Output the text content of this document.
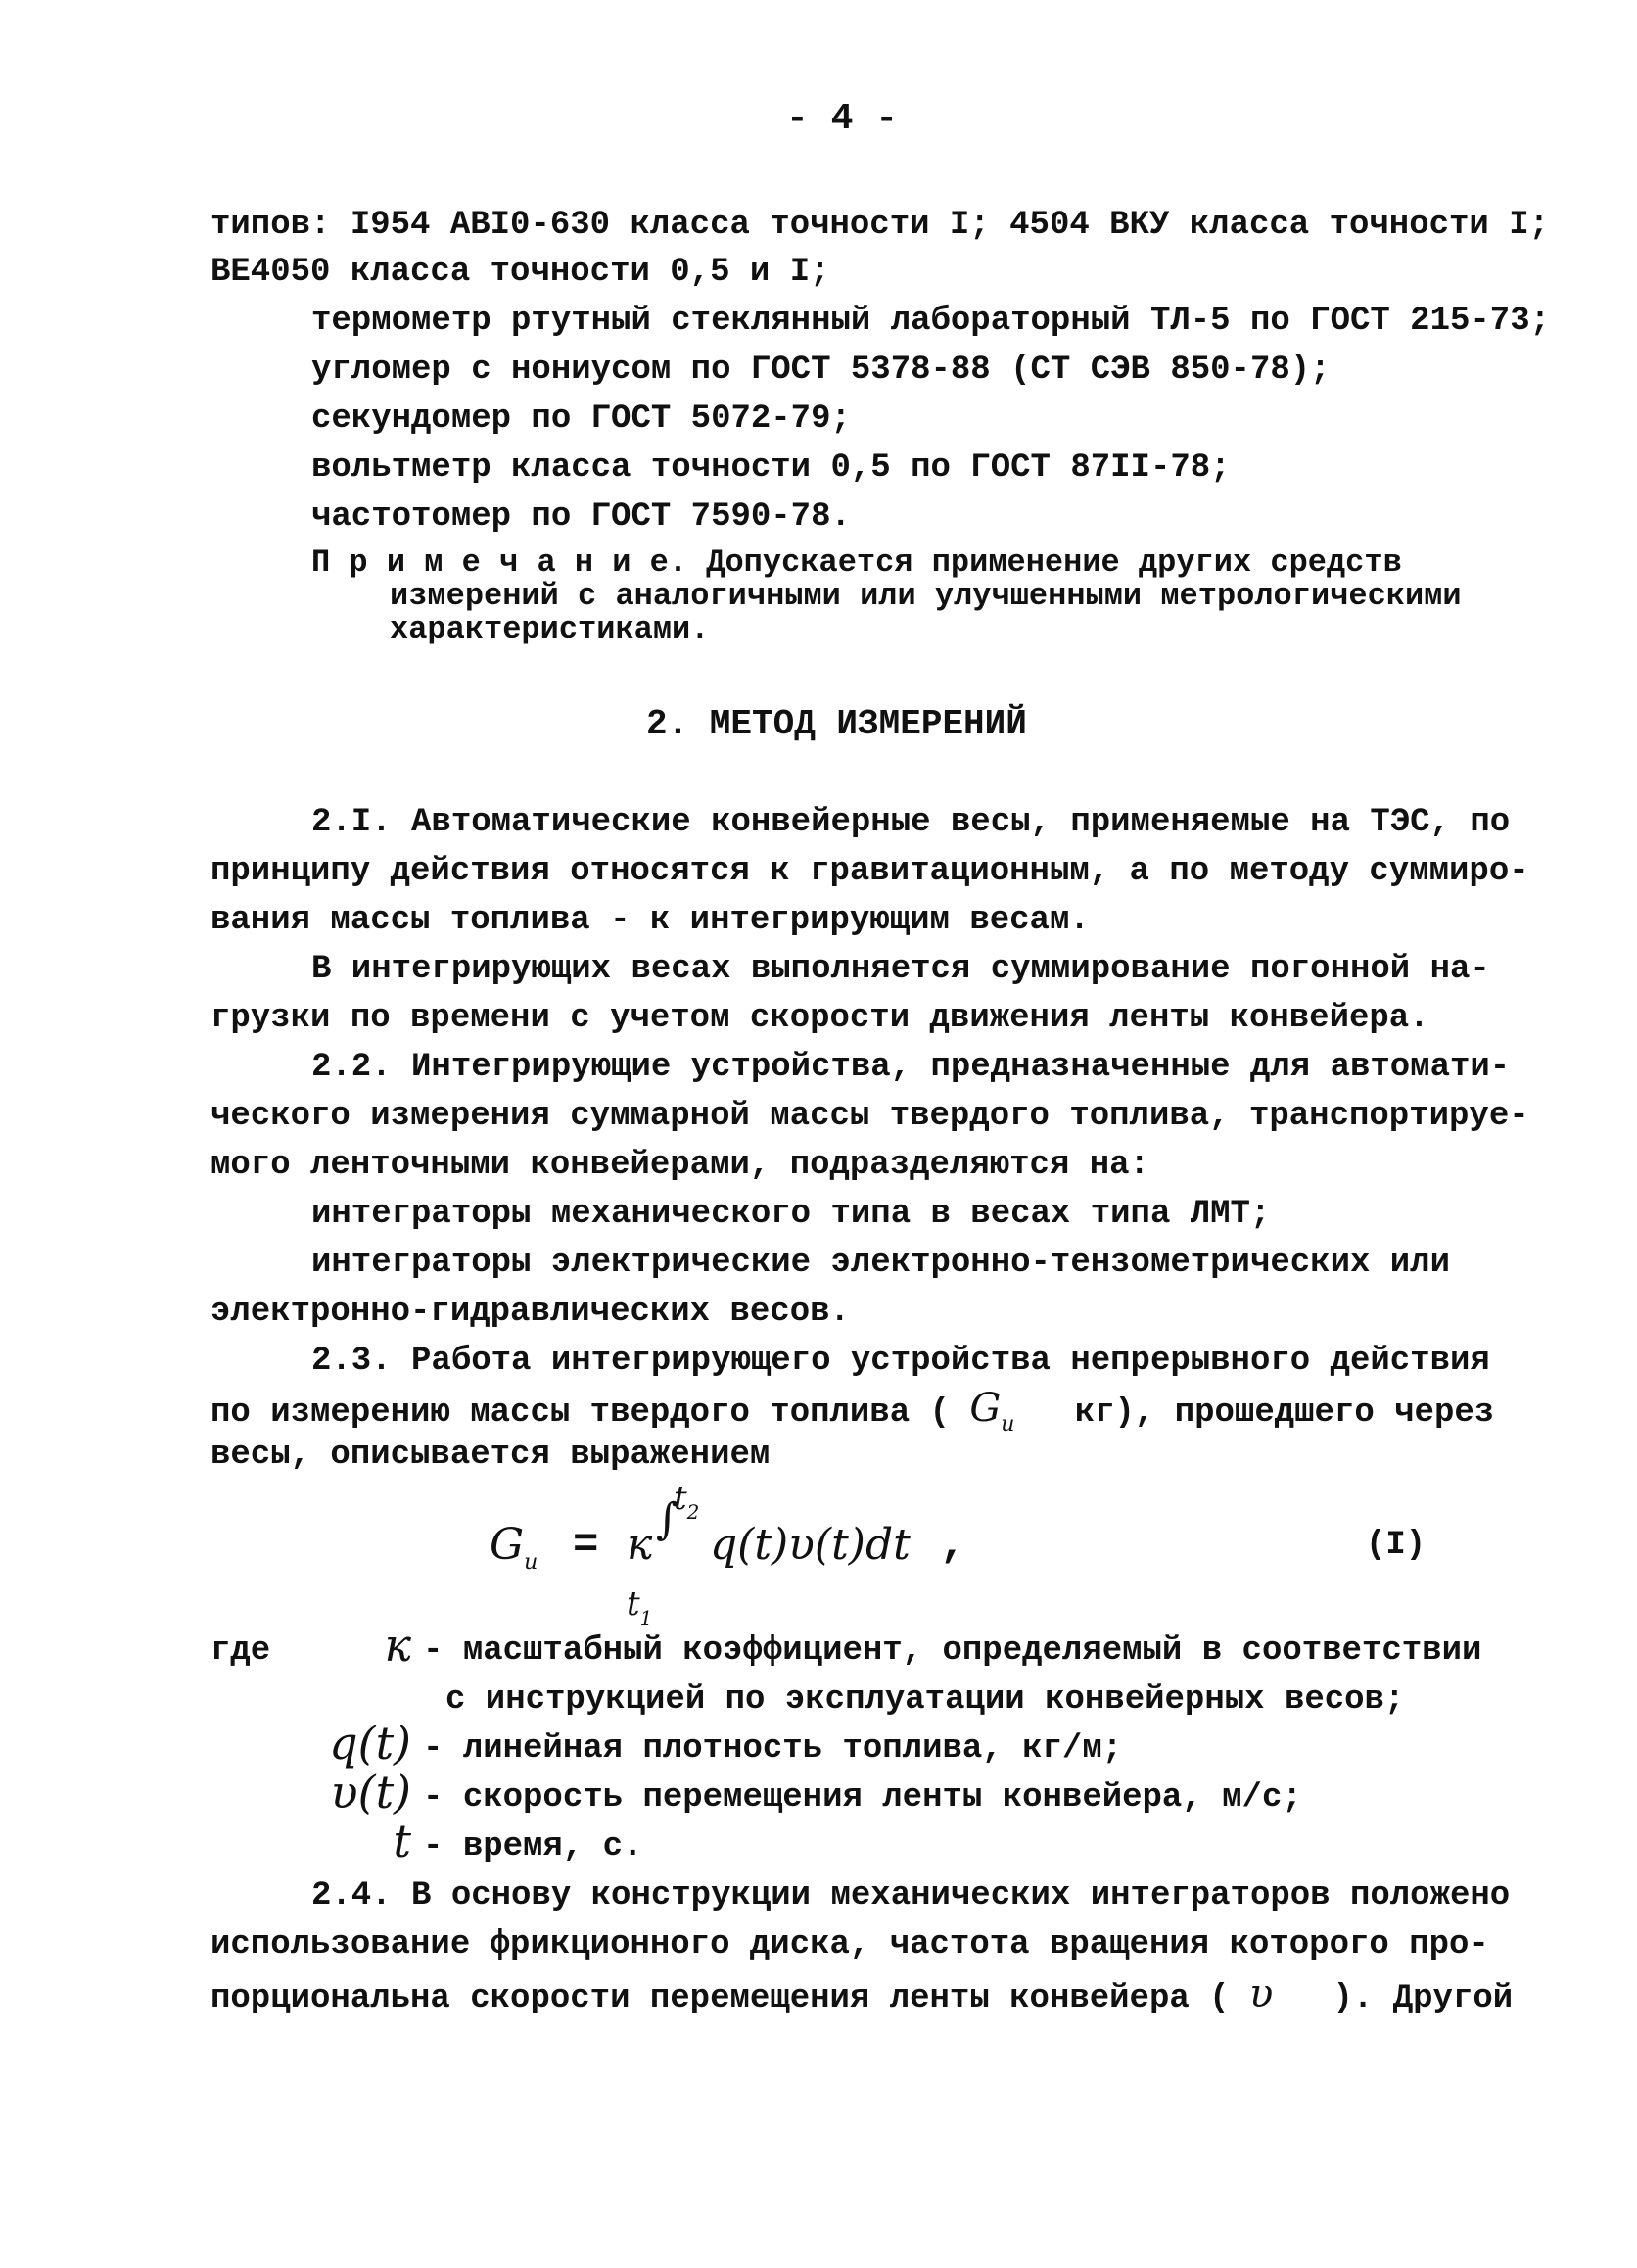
- 4 -
типов: I954 АВI0-630 класса точности I; 4504 ВКУ класса точности I;
ВЕ4050 класса точности 0,5 и I;
термометр ртутный стеклянный лабораторный ТЛ-5 по ГОСТ 215-73;
угломер с нониусом по ГОСТ 5378-88 (СТ СЭВ 850-78);
секундомер по ГОСТ 5072-79;
вольтметр класса точности 0,5 по ГОСТ 87II-78;
частотомер по ГОСТ 7590-78.
П р и м е ч а н и е. Допускается применение других средств
измерений с аналогичными или улучшенными метрологическими
характеристиками.
2. МЕТОД ИЗМЕРЕНИЙ
2.I. Автоматические конвейерные весы, применяемые на ТЭС, по
принципу действия относятся к гравитационным, а по методу суммиро-
вания массы топлива - к интегрирующим весам.
В интегрирующих весах выполняется суммирование погонной на-
грузки по времени с учетом скорости движения ленты конвейера.
2.2. Интегрирующие устройства, предназначенные для автомати-
ческого измерения суммарной массы твердого топлива, транспортируе-
мого ленточными конвейерами, подразделяются на:
интеграторы механического типа в весах типа ЛМТ;
интеграторы электрические электронно-тензометрических или
электронно-гидравлических весов.
2.3. Работа интегрирующего устройства непрерывного действия
по измерению массы твердого топлива ( $G_и$ кг), прошедшего через
весы, описывается выражением
$G_и = к$
∫
$t_2$
$t_1$
q(t)υ(t)dt ,	(I)
где	к - масштабный коэффициент, определяемый в соответствии
с инструкцией по эксплуатации конвейерных весов;
q(t) - линейная плотность топлива, кг/м;
υ(t) - скорость перемещения ленты конвейера, м/с;
t - время, с.
2.4. В основу конструкции механических интеграторов положено
использование фрикционного диска, частота вращения которого про-
порциональна скорости перемещения ленты конвейера ( υ ). Другой
